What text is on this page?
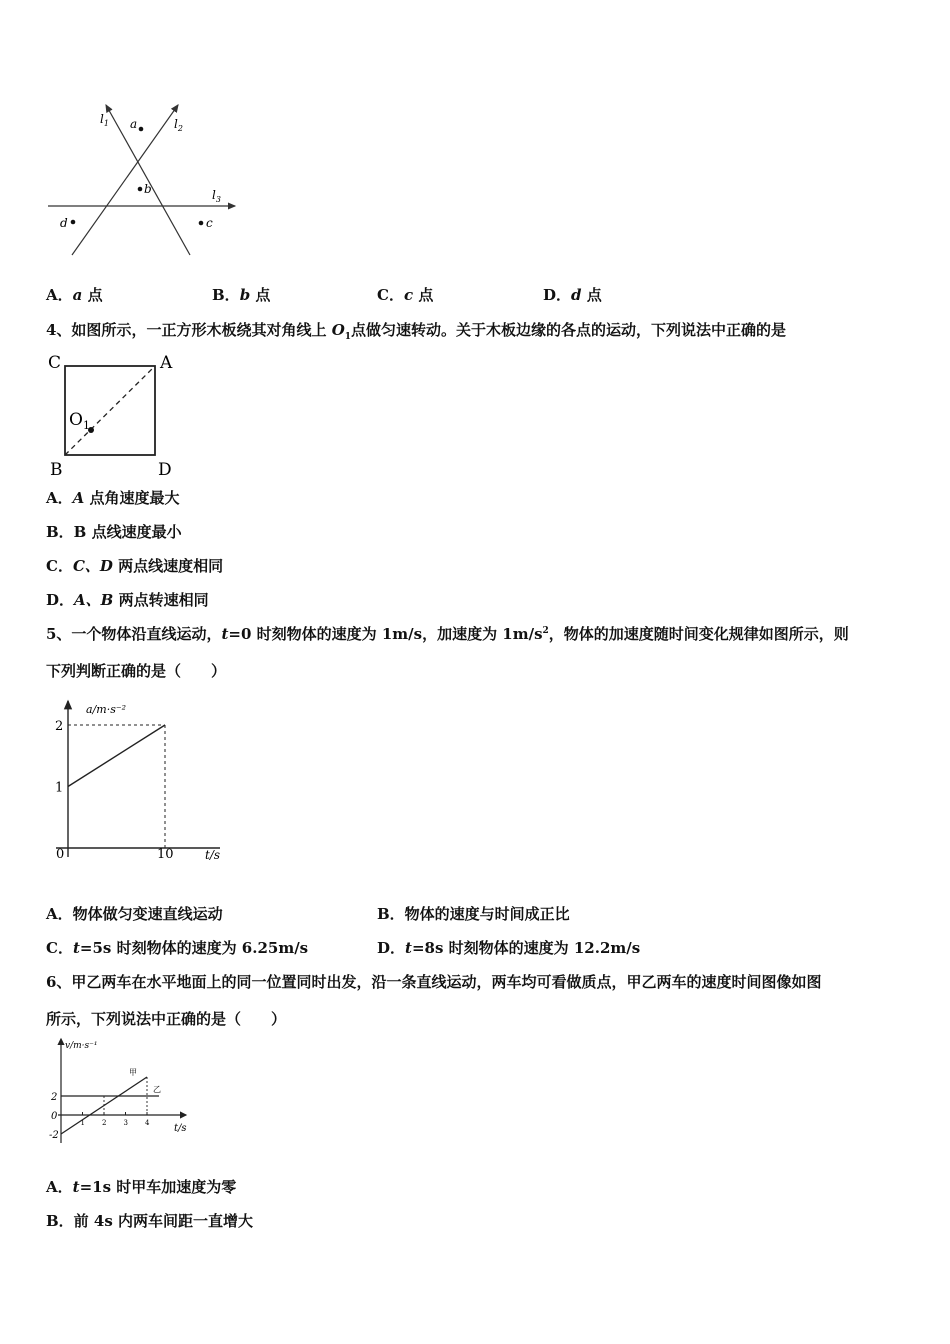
$l_1$	$l_2$
$l_3$
a
b
c
d
A．a 点	B．b 点	C．c 点	D．d 点
4、如图所示，一正方形木板绕其对角线上 $O_1$点做匀速转动。关于木板边缘的各点的运动，下列说法中正确的是
C	A
B	D
$O_1$
A．A 点角速度最大
B．B 点线速度最小
C．C、D 两点线速度相同
D．A、B 两点转速相同
5、一个物体沿直线运动，t=0 时刻物体的速度为 1m/s，加速度为 $1m/s^2$，物体的加速度随时间变化规律如图所示，则
下列判断正确的是（　　）
a/m·s⁻²
t/s
0	10
1
2
A．物体做匀变速直线运动	B．物体的速度与时间成正比
C．t=5s 时刻物体的速度为 6.25m/s	D．t=8s 时刻物体的速度为 12.2m/s
6、甲乙两车在水平地面上的同一位置同时出发，沿一条直线运动，两车均可看做质点，甲乙两车的速度时间图像如图
所示，下列说法中正确的是（　　）
v/m·s⁻¹
t/s
1 2 3 4
2
0
-2
乙
甲
A．t=1s 时甲车加速度为零
B．前 4s 内两车间距一直增大
